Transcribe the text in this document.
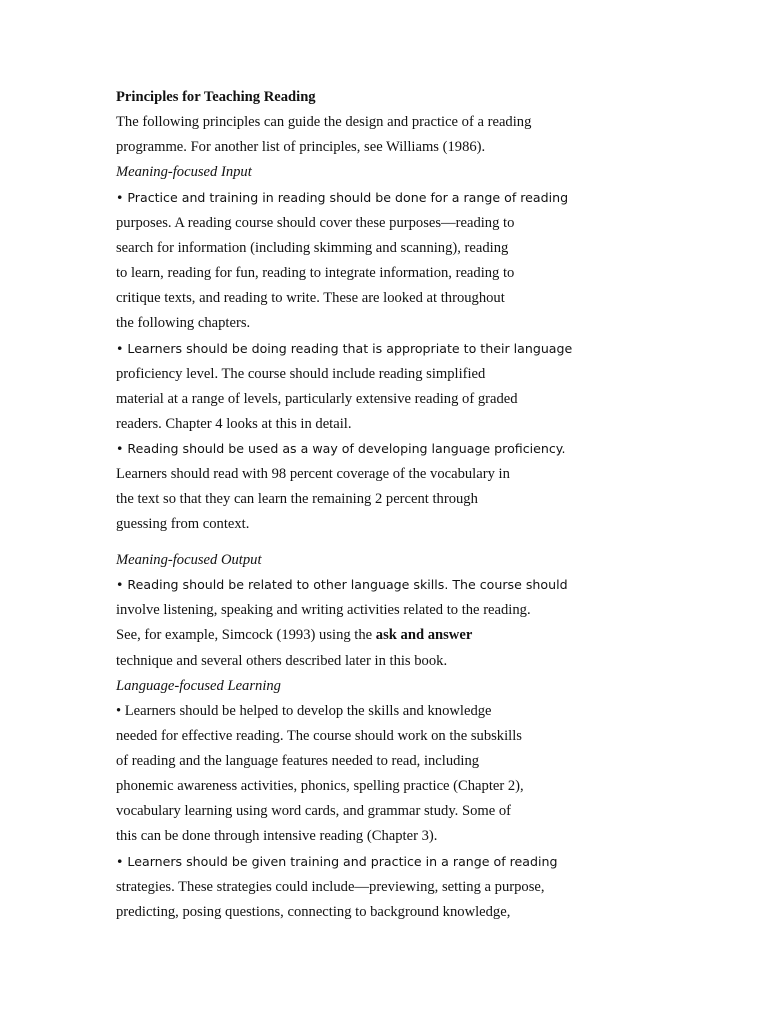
Principles for Teaching Reading
The following principles can guide the design and practice of a reading
programme. For another list of principles, see Williams (1986).
Meaning-focused Input
• Practice and training in reading should be done for a range of reading
purposes. A reading course should cover these purposes—reading to
search for information (including skimming and scanning), reading
to learn, reading for fun, reading to integrate information, reading to
critique texts, and reading to write. These are looked at throughout
the following chapters.
• Learners should be doing reading that is appropriate to their language
proficiency level. The course should include reading simplified
material at a range of levels, particularly extensive reading of graded
readers. Chapter 4 looks at this in detail.
• Reading should be used as a way of developing language proficiency.
Learners should read with 98 percent coverage of the vocabulary in
the text so that they can learn the remaining 2 percent through
guessing from context.
Meaning-focused Output
• Reading should be related to other language skills. The course should
involve listening, speaking and writing activities related to the reading.
See, for example, Simcock (1993) using the ask and answer
technique and several others described later in this book.
Language-focused Learning
• Learners should be helped to develop the skills and knowledge
needed for effective reading. The course should work on the subskills
of reading and the language features needed to read, including
phonemic awareness activities, phonics, spelling practice (Chapter 2),
vocabulary learning using word cards, and grammar study. Some of
this can be done through intensive reading (Chapter 3).
• Learners should be given training and practice in a range of reading
strategies. These strategies could include—previewing, setting a purpose,
predicting, posing questions, connecting to background knowledge,
